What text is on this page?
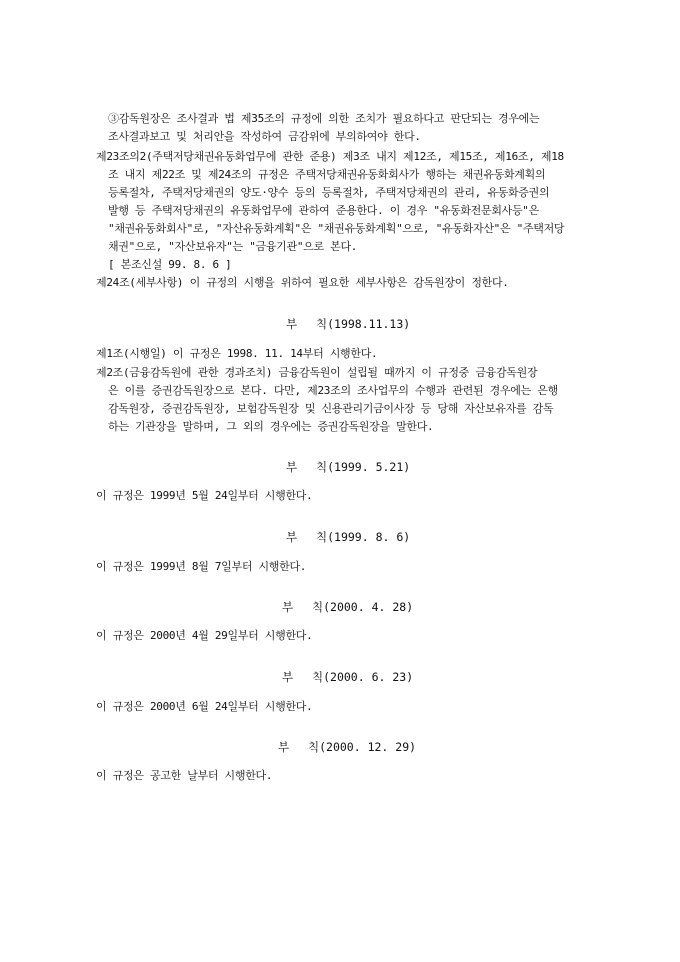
③감독원장은 조사결과 법 제35조의 규정에 의한 조치가 필요하다고 판단되는 경우에는
조사결과보고 및 처리안을 작성하여 금감위에 부의하여야 한다.
제23조의2(주택저당채권유동화업무에 관한 준용) 제3조 내지 제12조, 제15조, 제16조, 제18
조 내지 제22조 및 제24조의 규정은 주택저당채권유동화회사가 행하는 채권유동화계획의
등록절차, 주택저당채권의 양도·양수 등의 등록절차, 주택저당채권의 관리, 유동화증권의
발행 등 주택저당채권의 유동화업무에 관하여 준용한다. 이 경우 "유동화전문회사등"은
"채권유동화회사"로, "자산유동화계획"은 "채권유동화계획"으로, "유동화자산"은 "주택저당
채권"으로, "자산보유자"는 "금융기관"으로 본다.
[ 본조신설 99. 8. 6 ]
제24조(세부사항) 이 규정의 시행을 위하여 필요한 세부사항은 감독원장이 정한다.
부 칙(1998.11.13)
제1조(시행일) 이 규정은 1998. 11. 14부터 시행한다.
제2조(금융감독원에 관한 경과조치) 금융감독원이 설립될 때까지 이 규정중 금융감독원장
은 이를 증권감독원장으로 본다. 다만, 제23조의 조사업무의 수행과 관련된 경우에는 은행
감독원장, 증권감독원장, 보험감독원장 및 신용관리기금이사장 등 당해 자산보유자를 감독
하는 기관장을 말하며, 그 외의 경우에는 증권감독원장을 말한다.
부 칙(1999. 5.21)
이 규정은 1999년 5월 24일부터 시행한다.
부 칙(1999. 8. 6)
이 규정은 1999년 8월 7일부터 시행한다.
부 칙(2000. 4. 28)
이 규정은 2000년 4월 29일부터 시행한다.
부 칙(2000. 6. 23)
이 규정은 2000년 6월 24일부터 시행한다.
부 칙(2000. 12. 29)
이 규정은 공고한 날부터 시행한다.
